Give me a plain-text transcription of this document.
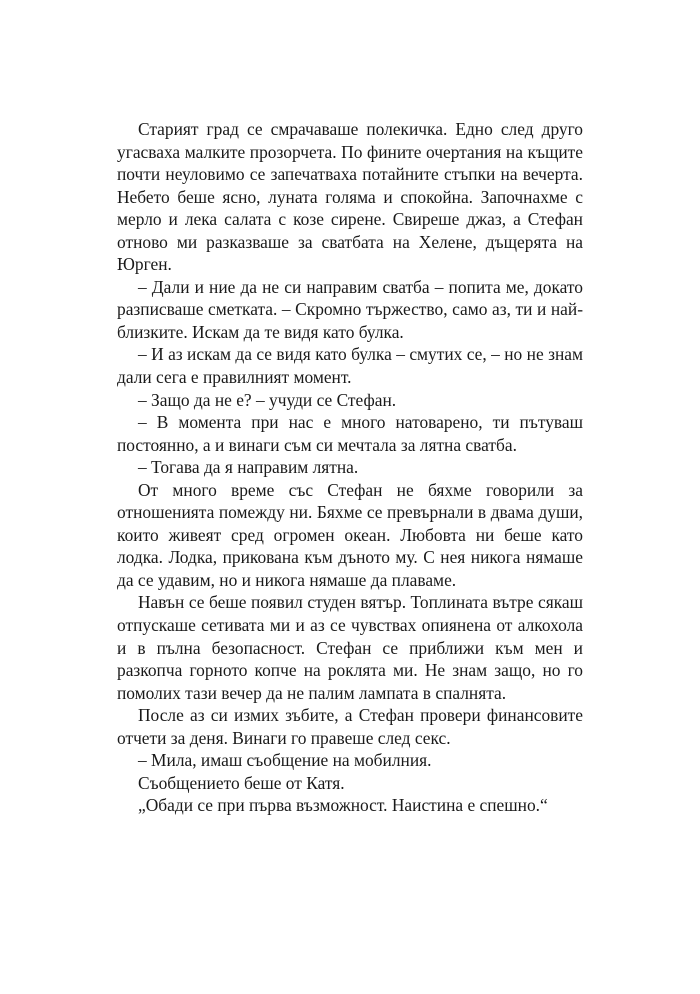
Старият град се смрачаваше полекичка. Едно след друго угасваха малките прозорчета. По фините очертания на къщите почти неуловимо се запечатваха потайните стъпки на вечерта. Небето беше ясно, луната голяма и спокойна. Започнахме с мерло и лека салата с козе сирене. Свиреше джаз, а Стефан отново ми разказваше за сватбата на Хелене, дъщерята на Юрген.

– Дали и ние да не си направим сватба – попита ме, докато разписваше сметката. – Скромно тържество, само аз, ти и найблизките. Искам да те видя като булка.

– И аз искам да се видя като булка – смутих се, – но не знам дали сега е правилният момент.

– Защо да не е? – учуди се Стефан.

– В момента при нас е много натоварено, ти пътуваш постоянно, а и винаги съм си мечтала за лятна сватба.

– Тогава да я направим лятна.

От много време със Стефан не бяхме говорили за отношенията помежду ни. Бяхме се превърнали в двама души, които живеят сред огромен океан. Любовта ни беше като лодка. Лодка, прикована към дъното му. С нея никога нямаше да се удавим, но и никога нямаше да плаваме.

Навън се беше появил студен вятър. Топлината вътре сякаш отпускаше сетивата ми и аз се чувствах опиянена от алкохола и в пълна безопасност. Стефан се приближи към мен и разкопча горното копче на роклята ми. Не знам защо, но го помолих тази вечер да не палим лампата в спалнята.

После аз си измих зъбите, а Стефан провери финансовите отчети за деня. Винаги го правеше след секс.

– Мила, имаш съобщение на мобилния.

Съобщението беше от Катя.

„Обади се при първа възможност. Наистина е спешно.“
